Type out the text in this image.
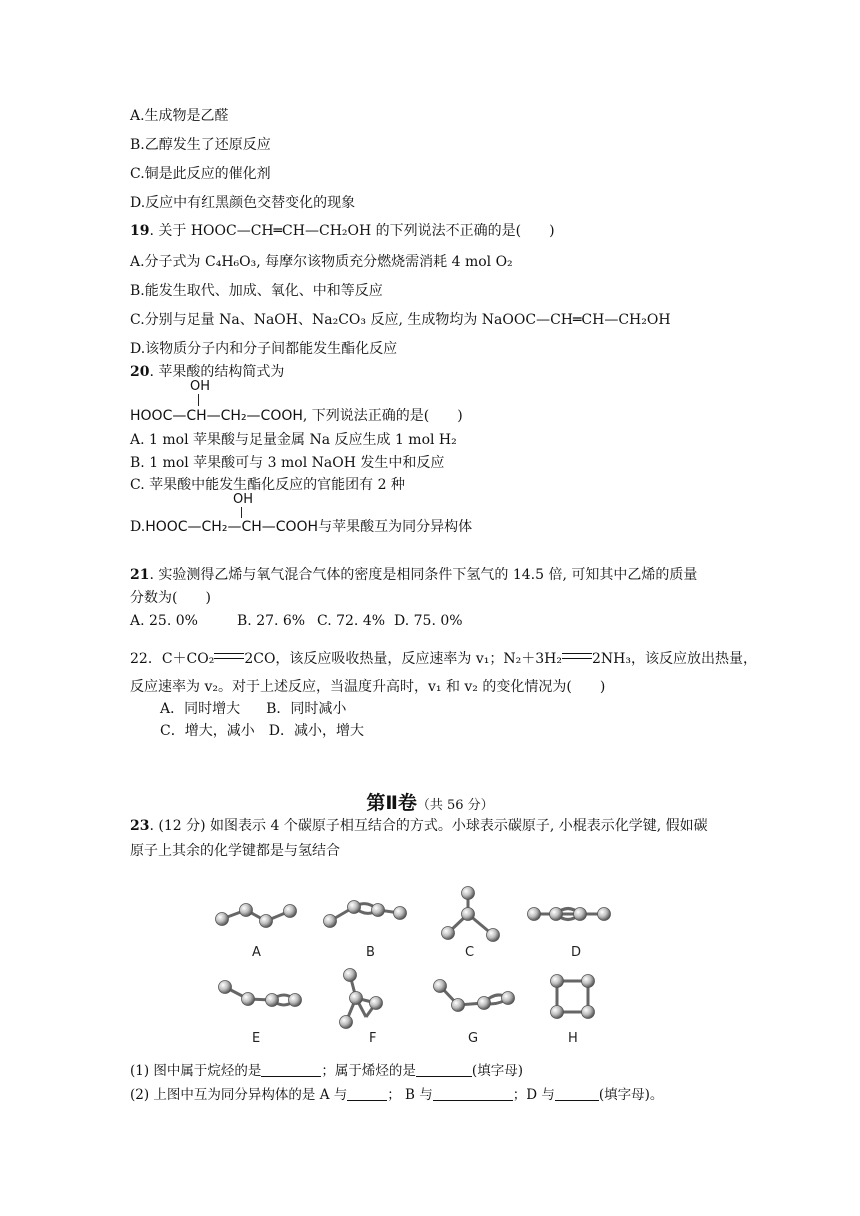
A.生成物是乙醛
B.乙醇发生了还原反应
C.铜是此反应的催化剂
D.反应中有红黑颜色交替变化的现象
19. 关于 HOOC—CH═CH—CH₂OH 的下列说法不正确的是(　　)
A.分子式为 C₄H₆O₃, 每摩尔该物质充分燃烧需消耗 4 mol O₂
B.能发生取代、加成、氧化、中和等反应
C.分别与足量 Na、NaOH、Na₂CO₃ 反应, 生成物均为 NaOOC—CH═CH—CH₂OH
D.该物质分子内和分子间都能发生酯化反应
20. 苹果酸的结构简式为
OH
HOOC—CH—CH₂—COOH, 下列说法正确的是(　　)
A. 1 mol 苹果酸与足量金属 Na 反应生成 1 mol H₂
B. 1 mol 苹果酸可与 3 mol NaOH 发生中和反应
C. 苹果酸中能发生酯化反应的官能团有 2 种
OH
D.HOOC—CH₂—CH—COOH与苹果酸互为同分异构体
21. 实验测得乙烯与氧气混合气体的密度是相同条件下氢气的 14.5 倍, 可知其中乙烯的质量
分数为(　　)
A. 25. 0%	B. 27. 6% C. 72. 4% D. 75. 0%
22．C＋CO₂ 2CO，该反应吸收热量，反应速率为 v₁；N₂＋3H₂ 2NH₃，该反应放出热量，
反应速率为 v₂。对于上述反应，当温度升高时，v₁ 和 v₂ 的变化情况为(　　)
A．同时增大 B．同时减小
C．增大，减小 D．减小，增大
第Ⅱ卷（共 56 分）
23. (12 分) 如图表示 4 个碳原子相互结合的方式。小球表示碳原子, 小棍表示化学键, 假如碳
原子上其余的化学键都是与氢结合
A	B	C	D
E	F	G	H
(1) 图中属于烷烃的是	；属于烯烃的是	(填字母)
(2) 上图中互为同分异构体的是 A 与	； B 与	；D 与	(填字母)。
